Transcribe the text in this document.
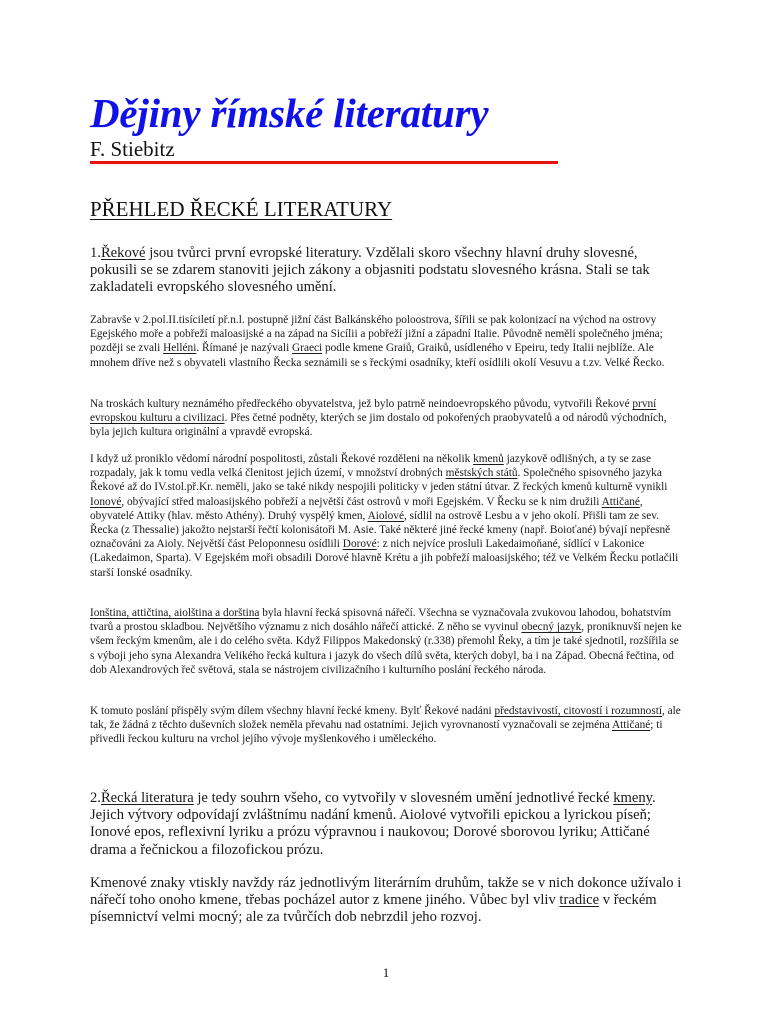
Dějiny římské literatury
F. Stiebitz
PŘEHLED ŘECKÉ LITERATURY

1.Řekové jsou tvůrci první evropské literatury. Vzdělali skoro všechny hlavní druhy slovesné, pokusili se se zdarem stanoviti jejich zákony a objasniti podstatu slovesného krásna. Stali se tak zakladateli evropského slovesného umění.

Zabravše v 2.pol.II.tisíciletí př.n.l. postupně jižní část Balkánského poloostrova, šířili se pak kolonizací na východ na ostrovy Egejského moře a pobřeží maloasijské a na západ na Sicílii a pobřeží jižní a západní Italie. Původně neměli společného jména; později se zvali Helléni. Římané je nazývali Graeci podle kmene Graiů, Graiků, usídleného v Epeiru, tedy Italii nejblíže. Ale mnohem dříve než s obyvateli vlastního Řecka seznámili se s řeckými osadníky, kteří osídlili okolí Vesuvu a t.zv. Velké Řecko.

Na troskách kultury neznámého předřeckého obyvatelstva, jež bylo patrně neindoevropského původu, vytvořili Řekové první evropskou kulturu a civilizaci. Přes četné podněty, kterých se jim dostalo od pokořených praobyvatelů a od národů východních, byla jejich kultura originální a vpravdě evropská.

I když už proniklo vědomí národní pospolitosti, zůstali Řekové rozděleni na několik kmenů jazykově odlišných, a ty se zase rozpadaly, jak k tomu vedla velká členitost jejich území, v množství drobných městských států. Společného spisovného jazyka Řekové až do IV.stol.př.Kr. neměli, jako se také nikdy nespojili politicky v jeden státní útvar. Z řeckých kmenů kulturně vynikli Ionové, obývající střed maloasijského pobřeží a největší část ostrovů v moři Egejském. V Řecku se k nim družili Attičané, obyvatelé Attiky (hlav. město Athény). Druhý vyspělý kmen, Aiolové, sídlil na ostrově Lesbu a v jeho okolí. Přišli tam ze sev. Řecka (z Thessalie) jakožto nejstarší řečtí kolonisátoři M. Asie. Také některé jiné řecké kmeny (např. Boioťané) bývají nepřesně označováni za Aioly. Největší část Peloponnesu osídlili Dorové: z nich nejvíce prosluli Lakedaimoňané, sídlící v Lakonice (Lakedaimon, Sparta). V Egejském moři obsadili Dorové hlavně Krétu a jih pobřeží maloasijského; též ve Velkém Řecku potlačili starší Ionské osadníky.

Ionština, attičtina, aiolština a dorština byla hlavní řecká spisovná nářečí. Všechna se vyznačovala zvukovou lahodou, bohatstvím tvarů a prostou skladbou. Největšího významu z nich dosáhlo nářečí attické. Z něho se vyvinul obecný jazyk, proniknuvší nejen ke všem řeckým kmenům, ale i do celého světa. Když Filippos Makedonský (r.338) přemohl Řeky, a tím je také sjednotil, rozšířila se s výboji jeho syna Alexandra Velikého řecká kultura i jazyk do všech dílů světa, kterých dobyl, ba i na Západ. Obecná řečtina, od dob Alexandrových řeč světová, stala se nástrojem civilizačního i kulturního poslání řeckého národa.

K tomuto poslání přispěly svým dílem všechny hlavní řecké kmeny. Bylť Řekové nadáni představivostí, citovostí i rozumností, ale tak, že žádná z těchto duševních složek neměla převahu nad ostatními. Jejich vyrovnaností vyznačovali se zejména Attičané; ti přivedli řeckou kulturu na vrchol jejího vývoje myšlenkového i uměleckého.

2.Řecká literatura je tedy souhrn všeho, co vytvořily v slovesném umění jednotlivé řecké kmeny. Jejich výtvory odpovídají zvláštnímu nadání kmenů. Aiolové vytvořili epickou a lyrickou píseň; Ionové epos, reflexivní lyriku a prózu výpravnou i naukovou; Dorové sborovou lyriku; Attičané drama a řečnickou a filozofickou prózu.

Kmenové znaky vtiskly navždy ráz jednotlivým literárním druhům, takže se v nich dokonce užívalo i nářečí toho onoho kmene, třebas pocházel autor z kmene jiného. Vůbec byl vliv tradice v řeckém písemnictví velmi mocný; ale za tvůrčích dob nebrzdil jeho rozvoj.

1
